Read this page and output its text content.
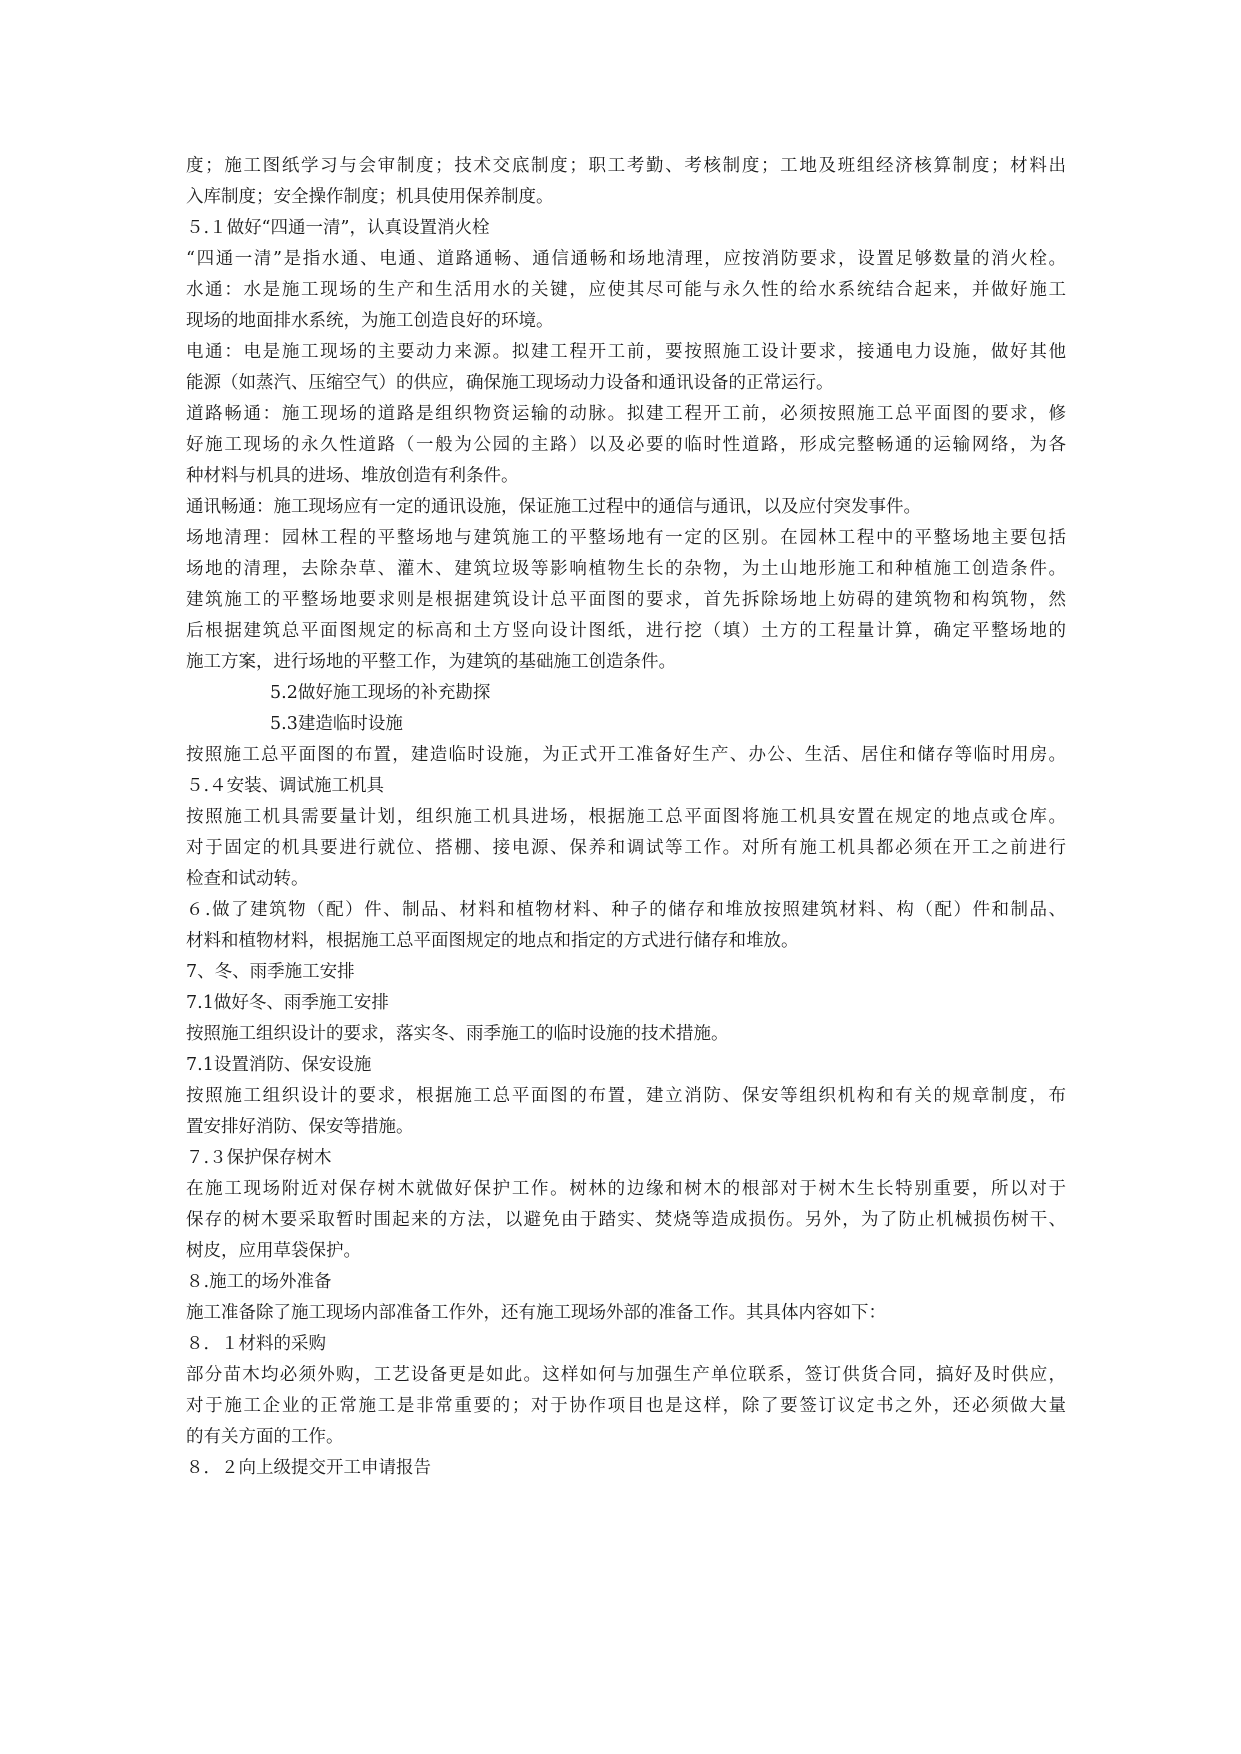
度；施工图纸学习与会审制度；技术交底制度；职工考勤、考核制度；工地及班组经济核算制度；材料出
入库制度；安全操作制度；机具使用保养制度。
５.１做好“四通一清”，认真设置消火栓
“四通一清”是指水通、电通、道路通畅、通信通畅和场地清理，应按消防要求，设置足够数量的消火栓。
水通：水是施工现场的生产和生活用水的关键，应使其尽可能与永久性的给水系统结合起来，并做好施工
现场的地面排水系统，为施工创造良好的环境。
电通：电是施工现场的主要动力来源。拟建工程开工前，要按照施工设计要求，接通电力设施，做好其他
能源（如蒸汽、压缩空气）的供应，确保施工现场动力设备和通讯设备的正常运行。
道路畅通：施工现场的道路是组织物资运输的动脉。拟建工程开工前，必须按照施工总平面图的要求，修
好施工现场的永久性道路（一般为公园的主路）以及必要的临时性道路，形成完整畅通的运输网络，为各
种材料与机具的进场、堆放创造有利条件。
通讯畅通：施工现场应有一定的通讯设施，保证施工过程中的通信与通讯，以及应付突发事件。
场地清理：园林工程的平整场地与建筑施工的平整场地有一定的区别。在园林工程中的平整场地主要包括
场地的清理，去除杂草、灌木、建筑垃圾等影响植物生长的杂物，为土山地形施工和种植施工创造条件。
建筑施工的平整场地要求则是根据建筑设计总平面图的要求，首先拆除场地上妨碍的建筑物和构筑物，然
后根据建筑总平面图规定的标高和土方竖向设计图纸，进行挖（填）土方的工程量计算，确定平整场地的
施工方案，进行场地的平整工作，为建筑的基础施工创造条件。
5.2做好施工现场的补充勘探
5.3建造临时设施
按照施工总平面图的布置，建造临时设施，为正式开工准备好生产、办公、生活、居住和储存等临时用房。
５.４安装、调试施工机具
按照施工机具需要量计划，组织施工机具进场，根据施工总平面图将施工机具安置在规定的地点或仓库。
对于固定的机具要进行就位、搭棚、接电源、保养和调试等工作。对所有施工机具都必须在开工之前进行
检查和试动转。
６.做了建筑物（配）件、制品、材料和植物材料、种子的储存和堆放按照建筑材料、构（配）件和制品、
材料和植物材料，根据施工总平面图规定的地点和指定的方式进行储存和堆放。
7、冬、雨季施工安排
7.1做好冬、雨季施工安排
按照施工组织设计的要求，落实冬、雨季施工的临时设施的技术措施。
7.1设置消防、保安设施
按照施工组织设计的要求，根据施工总平面图的布置，建立消防、保安等组织机构和有关的规章制度，布
置安排好消防、保安等措施。
７.３保护保存树木
在施工现场附近对保存树木就做好保护工作。树林的边缘和树木的根部对于树木生长特别重要，所以对于
保存的树木要采取暂时围起来的方法，以避免由于踏实、焚烧等造成损伤。另外，为了防止机械损伤树干、
树皮，应用草袋保护。
８.施工的场外准备
施工准备除了施工现场内部准备工作外，还有施工现场外部的准备工作。其具体内容如下：
８．１材料的采购
部分苗木均必须外购，工艺设备更是如此。这样如何与加强生产单位联系，签订供货合同，搞好及时供应，
对于施工企业的正常施工是非常重要的；对于协作项目也是这样，除了要签订议定书之外，还必须做大量
的有关方面的工作。
８．２向上级提交开工申请报告
